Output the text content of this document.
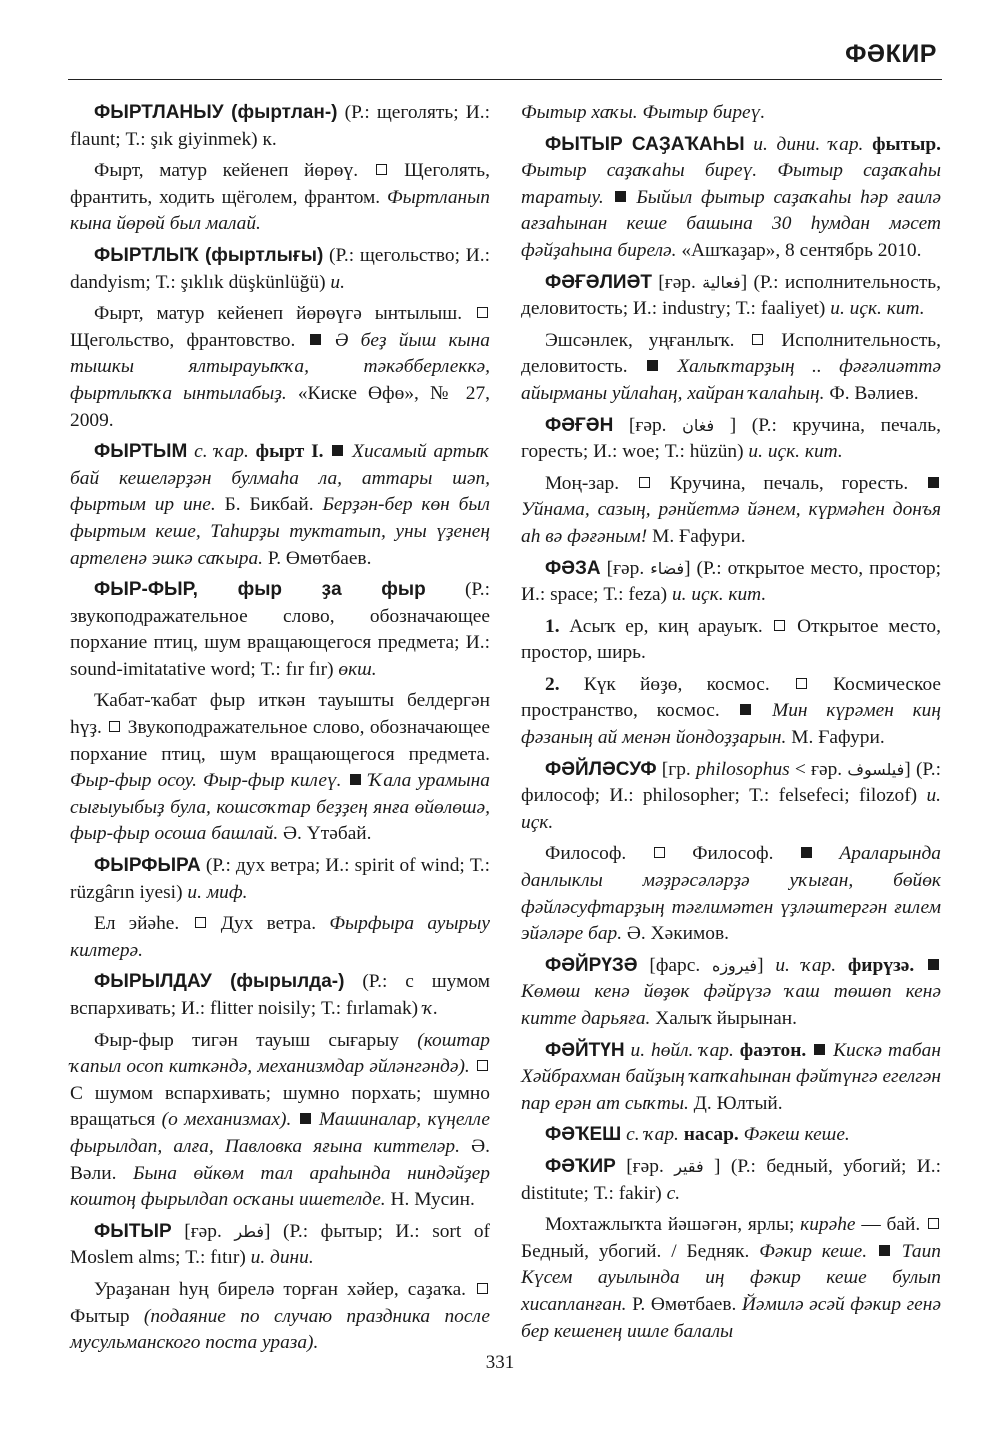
ФӘКИР

ФЫРТЛАНЫУ (фыртлан-) (Р.: щеголять; И.: flaunt; Т.: şık giyinmek) к.

Фырт, матур кейенеп йөрөү.  Щеголять, франтить, ходить щёголем, франтом. Фыртланып кына йөрөй был малай.

ФЫРТЛЫҠ (фыртлығы) (Р.: щегольство; И.: dandyism; Т.: şıklık düşkünlüğü) и.

Фырт, матур кейенеп йөрөүгә ынтылыш.  Щегольство, франтовство.  Ә беҙ йыш кына тышкы ялтырауыҡҡа, тәкәбберлеккә, фыртлыҡҡа ынтылабыҙ. «Киске Өфө», № 27, 2009.

ФЫРТЫМ с. ҡар. фырт I.  Хисамый артыҡ бай кешеләрҙән булмаһа ла, аттары шәп, фыртым ир ине. Б. Бикбай. Берҙән-бер көн был фыртым кеше, Таһирҙы туктатып, уны үҙенең артеленә эшкә саҡыра. Р. Өмөтбаев.

ФЫР-ФЫР, фыр ҙа фыр (Р.: звукоподражательное слово, обозначающее порхание птиц, шум вращающегося предмета; И.: sound-imitatative word; Т.: fır fır) өкш.

Ҡабат-ҡабат фыр иткән тауышты белдергән һүҙ.  Звукоподражательное слово, обозначающее порхание птиц, шум вращающегося предмета. Фыр-фыр осоу. Фыр-фыр килеү.  Ҡала урамына сығыуыбыҙ була, кошсоҡтар беҙҙең янға өйөлөшә, фыр-фыр осоша башлай. Ә. Үтәбай.

ФЫРФЫРА (Р.: дух ветра; И.: spirit of wind; Т.: rüzgârın iyesi) и. миф.

Ел эйәһе.  Дух ветра. Фырфыра ауырыу килтерә.

ФЫРЫЛДАУ (фырылда-) (Р.: с шумом вспархивать; И.: flitter noisily; Т.: fırlamak) ҡ.

Фыр-фыр тигән тауыш сығарыу (коштар ҡапыл осоп киткәндә, механизмдар әйләнгәндә).  С шумом вспархивать; шумно порхать; шумно вращаться (о механизмах).  Машиналар, күңелле фырылдап, алға, Павловка яғына киттеләр. Ә. Вәли. Бына өйкөм тал араһында ниндәйҙер коштоң фырылдап осҡаны ишетелде. Н. Мусин.

ФЫТЫР [ғәр. فطر] (Р.: фытыр; И.: sort of Moslem alms; Т.: fıtır) и. дини.

Ураҙанан һуң бирелә торған хәйер, саҙаҡа.  Фытыр (подаяние по случаю праздника после мусульманского поста ураза).

Фытыр хаҡы. Фытыр биреү.

ФЫТЫР САҘАҠАҺЫ и. дини. ҡар. фытыр. Фытыр саҙаҡаһы биреү. Фытыр саҙаҡаһы таратыу.  Быйыл фытыр саҙаҡаһы һәр ғаилә ағзаһынан кеше башына 30 һумдан мәсет фәйҙаһына бирелә. «Ашҡаҙар», 8 сентябрь 2010.

ФӘҒӘЛИӘТ [ғәр. فعالية] (Р.: исполнительность, деловитость; И.: industry; Т.: faaliyet) и. иҫк. кит.

Эшсәнлек, уңғанлыҡ.  Исполнительность, деловитость.  Халыҡтарҙың .. фәғәлиәттә айырманы уйлаһаң, хайран ҡалаһың. Ф. Вәлиев.

ФӘҒӘН [ғәр. فغان ] (Р.: кручина, печаль, горесть; И.: woe; Т.: hüzün) и. иҫк. кит.

Моң-зар.  Кручина, печаль, горесть.  Уйнама, сазың, рәнйетмә йәнем, күрмәһен донъя аһ вә фәғәным! М. Ғафури.

ФӘЗА [ғәр. فضاء] (Р.: открытое место, простор; И.: space; Т.: feza) и. иҫк. кит.

1. Асыҡ ер, киң арауыҡ.  Открытое место, простор, ширь.

2. Күк йөҙө, космос.  Космическое пространство, космос.  Мин күрәмен киң фәзаның ай менән йондоҙҙарын. М. Ғафури.

ФӘЙЛӘСУФ [гр. philosophus < ғәр. فيلسوف] (Р.: философ; И.: philosopher; Т.: felsefeci; filozof) и. иҫк.

Философ.  Философ.  Араларында данлыклы мәҙрәсәләрҙә уҡыған, бөйөк фәйләсуфтарҙың тәғлимәтен үҙләштергән ғилем эйәләре бар. Ә. Хәкимов.

ФӘЙРҮЗӘ [фарс. فيروزه] и. ҡар. фирүзә.  Көмөш кенә йөҙөк фәйрүзә ҡаш төшөп кенә китте дарьяға. Халыҡ йырынан.

ФӘЙТҮН и. һөйл. ҡар. фаэтон.  Кискә табан Хәйбрахман байҙың ҡапҡаһынан фәйтүнгә егелгән пар ерән ат сыҡты. Д. Юлтый.

ФӘҠЕШ с. ҡар. насар. Фәкеш кеше.

ФӘҠИР [ғәр. فقير ] (Р.: бедный, убогий; И.: distitute; Т.: fakir) с.

Мохтажлыҡта йәшәгән, ярлы; кирәһе — бай.  Бедный, убогий. / Бедняк. Фәкир кеше.  Таип Күсем ауылында иң фәкир кеше булып хисапланған. Р. Өмөтбаев. Йәмилә әсәй фәкир генә бер кешенең ишле балалы

331
